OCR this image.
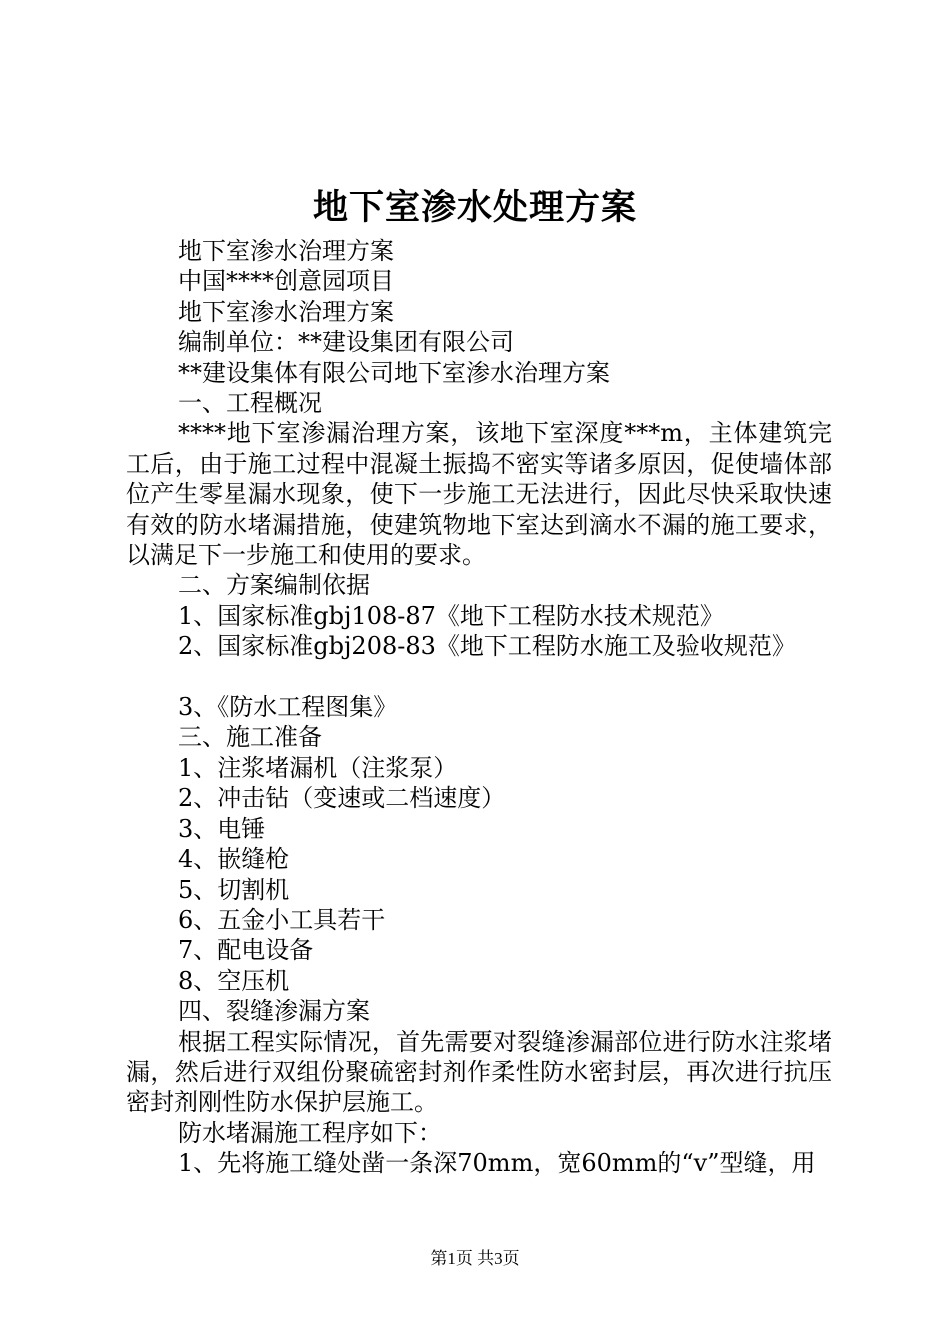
地下室渗水处理方案

地下室渗水治理方案

中国****创意园项目

地下室渗水治理方案

编制单位：**建设集团有限公司

**建设集体有限公司地下室渗水治理方案

一、工程概况

****地下室渗漏治理方案，该地下室深度***m，主体建筑完工后，由于施工过程中混凝土振捣不密实等诸多原因，促使墙体部位产生零星漏水现象，使下一步施工无法进行，因此尽快采取快速有效的防水堵漏措施，使建筑物地下室达到滴水不漏的施工要求，以满足下一步施工和使用的要求。

二、方案编制依据

1、国家标准gbj108-87《地下工程防水技术规范》

2、国家标准gbj208-83《地下工程防水施工及验收规范》

3、《防水工程图集》

三、施工准备

1、注浆堵漏机（注浆泵）

2、冲击钻（变速或二档速度）

3、电锤

4、嵌缝枪

5、切割机

6、五金小工具若干

7、配电设备

8、空压机

四、裂缝渗漏方案

根据工程实际情况，首先需要对裂缝渗漏部位进行防水注浆堵漏，然后进行双组份聚硫密封剂作柔性防水密封层，再次进行抗压密封剂刚性防水保护层施工。

防水堵漏施工程序如下：

1、先将施工缝处凿一条深70mm，宽60mm的“v”型缝，用

第1页 共3页
